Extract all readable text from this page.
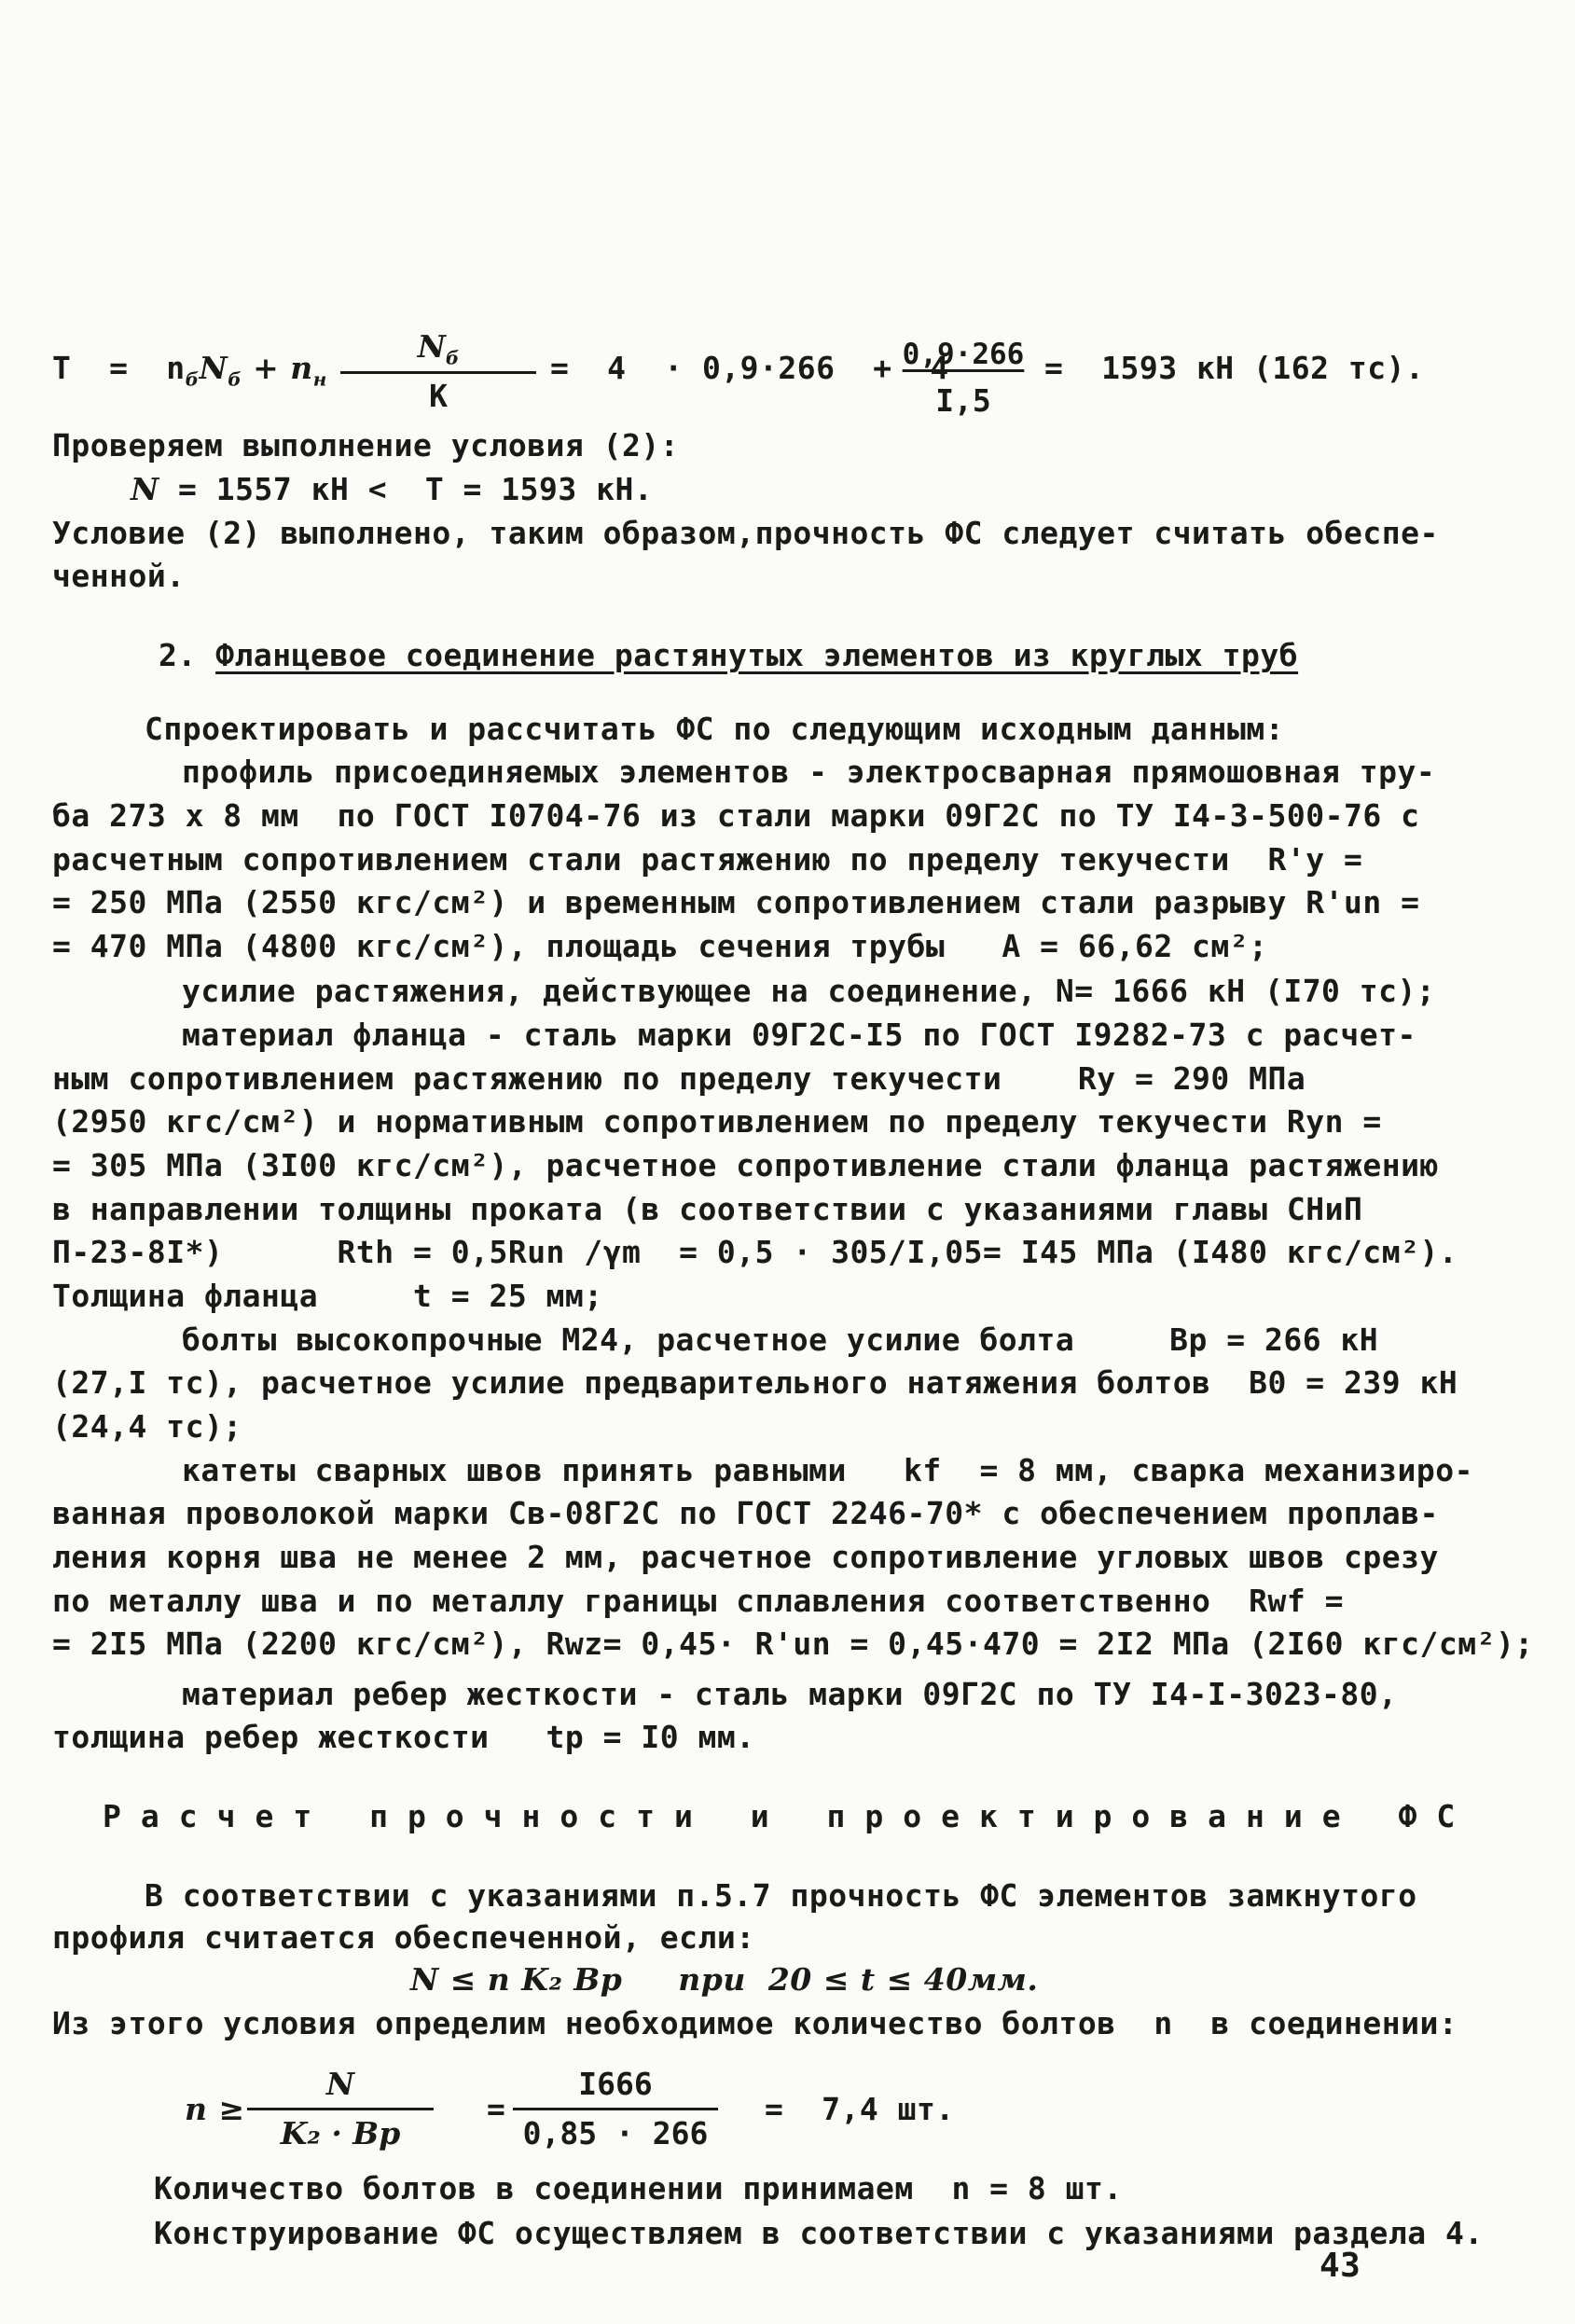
$T = n_бN_б + n_н$
$N_б$
К
=  4  · 0,9·266  +  4
0,9·266
I,5
=  1593 кН (162 тс).
Проверяем выполнение условия (2):
N = 1557 кН <  T = 1593 кН.
Условие (2) выполнено, таким образом,прочность ФС следует считать обеспе-
ченной.
2. Фланцевое соединение растянутых элементов из круглых труб
Спроектировать и рассчитать ФС по следующим исходным данным:
профиль присоединяемых элементов - электросварная прямошовная тру-
ба 273 х 8 мм  по ГОСТ I0704-76 из стали марки 09Г2С по ТУ I4-3-500-76 с
расчетным сопротивлением стали растяжению по пределу текучести  R'y =
= 250 МПа (2550 кгс/см²) и временным сопротивлением стали разрыву R'un =
= 470 МПа (4800 кгс/см²), площадь сечения трубы   A = 66,62 см²;
усилие растяжения, действующее на соединение, N= 1666 кН (I70 тс);
материал фланца - сталь марки 09Г2С-I5 по ГОСТ I9282-73 с расчет-
ным сопротивлением растяжению по пределу текучести    Ry = 290 МПа
(2950 кгс/см²) и нормативным сопротивлением по пределу текучести Ryn =
= 305 МПа (3I00 кгс/см²), расчетное сопротивление стали фланца растяжению
в направлении толщины проката (в соответствии с указаниями главы СНиП
П-23-8I*)      Rth = 0,5Run /γm  = 0,5 · 305/I,05= I45 МПа (I480 кгс/см²).
Толщина фланца     t = 25 мм;
болты высокопрочные М24, расчетное усилие болта     Bp = 266 кН
(27,I тс), расчетное усилие предварительного натяжения болтов  B0 = 239 кН
(24,4 тс);
катеты сварных швов принять равными   kf  = 8 мм, сварка механизиро-
ванная проволокой марки Св-08Г2С по ГОСТ 2246-70* с обеспечением проплав-
ления корня шва не менее 2 мм, расчетное сопротивление угловых швов срезу
по металлу шва и по металлу границы сплавления соответственно  Rwf =
= 2I5 МПа (2200 кгс/см²), Rwz= 0,45· R'un = 0,45·470 = 2I2 МПа (2I60 кгс/см²);
материал ребер жесткости - сталь марки 09Г2С по ТУ I4-I-3023-80,
толщина ребер жесткости   tp = I0 мм.
Расчет прочности и проектирование ФС
В соответствии с указаниями п.5.7 прочность ФС элементов замкнутого
профиля считается обеспеченной, если:
N ≤ n K₂ Bp     при  20 ≤ t ≤ 40мм.
Из этого условия определим необходимое количество болтов  n  в соединении:
n ≥
N
K₂ · Bp
=
I666
0,85 · 266
=  7,4 шт.
Количество болтов в соединении принимаем  n = 8 шт.
Конструирование ФС осуществляем в соответствии с указаниями раздела 4.
43
